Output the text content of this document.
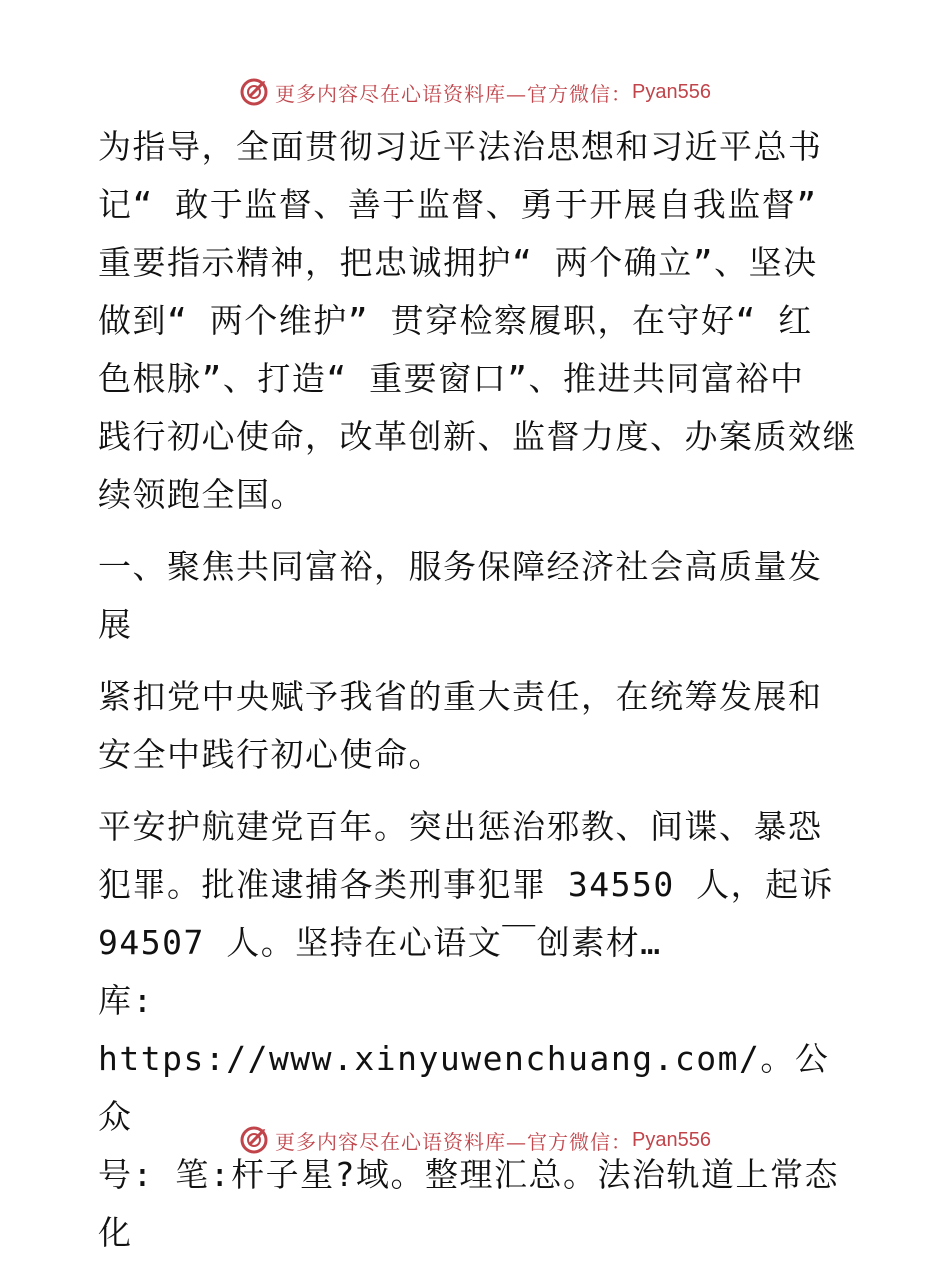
更多内容尽在心语资料库—官方微信： Pyan556

为指导，全面贯彻习近平法治思想和习近平总书
记“ 敢于监督、善于监督、勇于开展自我监督”
重要指示精神，把忠诚拥护“ 两个确立”、坚决
做到“ 两个维护” 贯穿检察履职，在守好“ 红
色根脉”、打造“ 重要窗口”、推进共同富裕中
践行初心使命，改革创新、监督力度、办案质效继
续领跑全国。

一、聚焦共同富裕，服务保障经济社会高质量发
展

紧扣党中央赋予我省的重大责任，在统筹发展和
安全中践行初心使命。

平安护航建党百年。突出惩治邪教、间谍、暴恐
犯罪。批准逮捕各类刑事犯罪 34550 人，起诉
94507 人。坚持在心语文￣创素材…
库: https://www.xinyuwenchuang.com/。公众
号: 笔:杆子星?域。整理汇总。法治轨道上常态化

更多内容尽在心语资料库—官方微信： Pyan556
